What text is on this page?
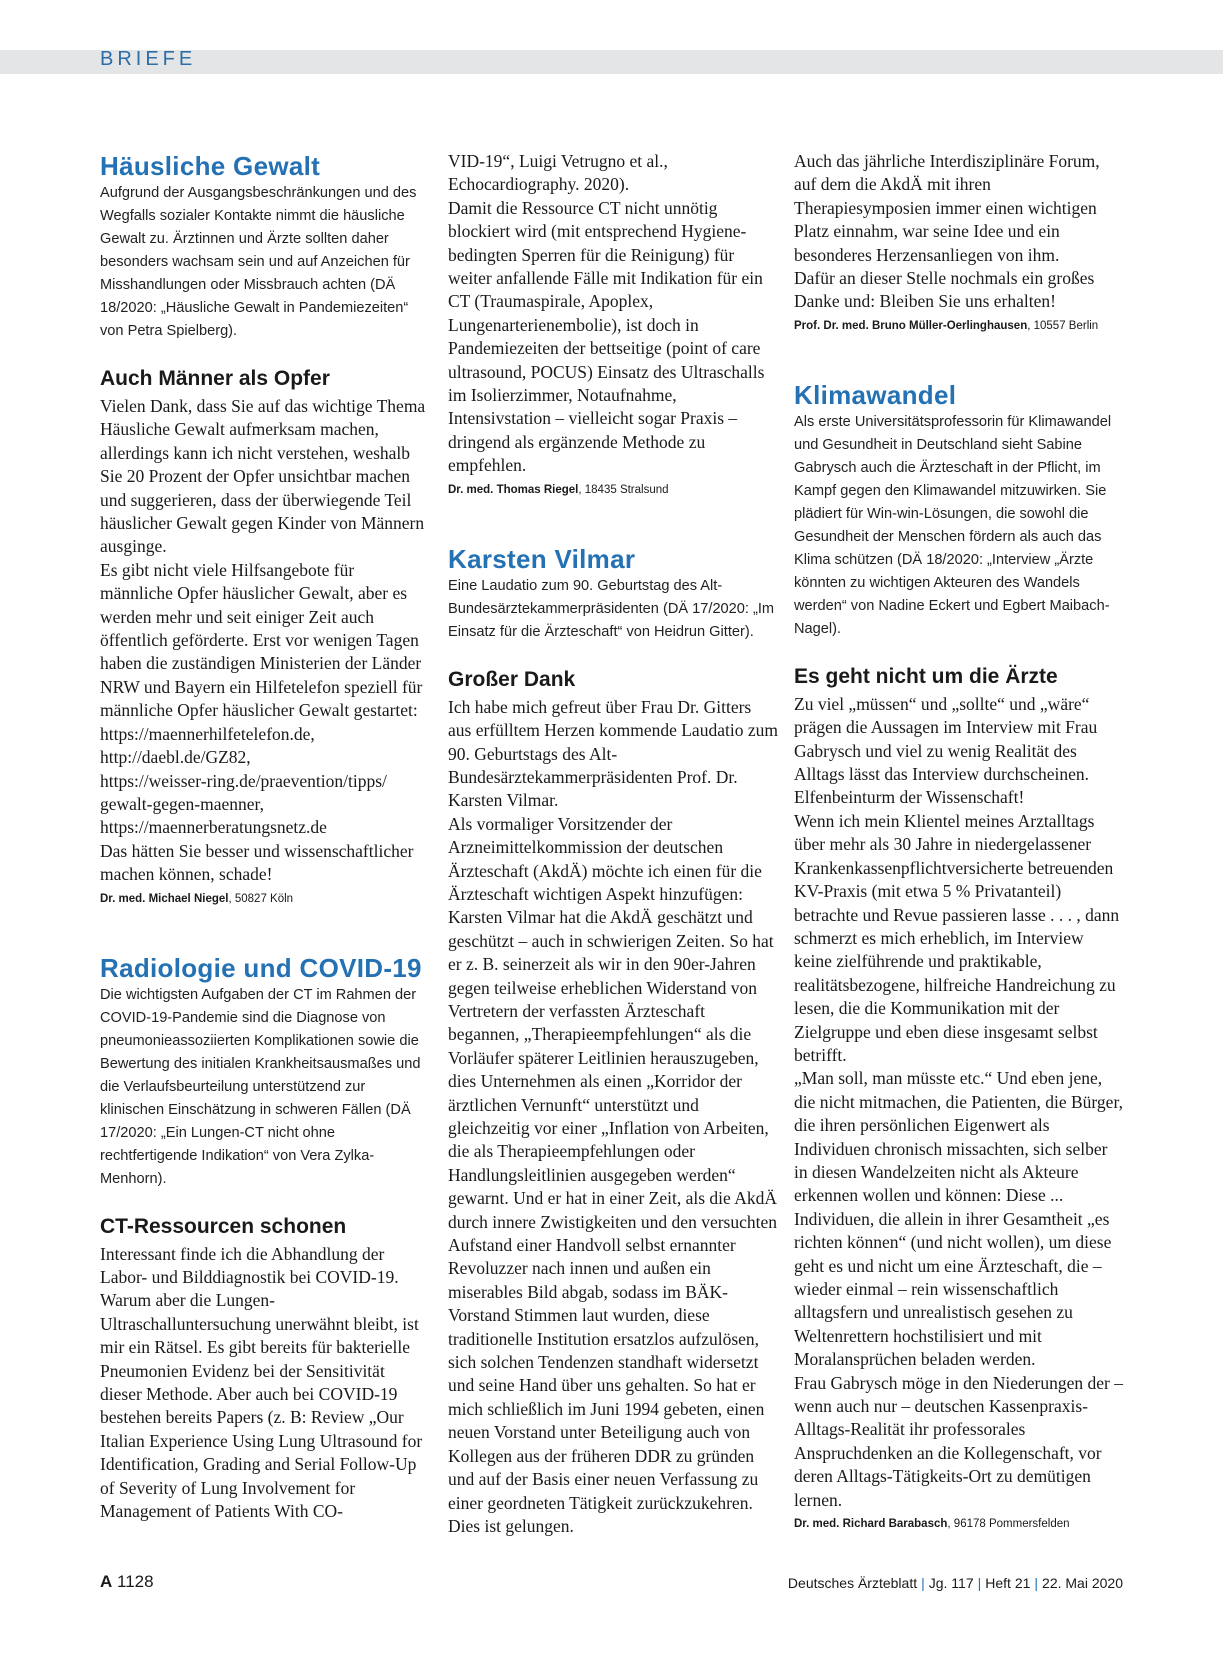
BRIEFE
Häusliche Gewalt

Aufgrund der Ausgangsbeschränkungen und des Wegfalls sozialer Kontakte nimmt die häusliche Gewalt zu. Ärztinnen und Ärzte sollten daher besonders wachsam sein und auf Anzeichen für Misshandlungen oder Missbrauch achten (DÄ 18/2020: „Häusliche Gewalt in Pandemiezeiten“ von Petra Spielberg).

Auch Männer als Opfer

Vielen Dank, dass Sie auf das wichtige Thema Häusliche Gewalt aufmerksam machen, allerdings kann ich nicht verstehen, weshalb Sie 20 Prozent der Opfer unsichtbar machen und suggerieren, dass der überwiegende Teil häuslicher Gewalt gegen Kinder von Männern ausginge.
Es gibt nicht viele Hilfsangebote für männliche Opfer häuslicher Gewalt, aber es werden mehr und seit einiger Zeit auch öffentlich geförderte. Erst vor wenigen Tagen haben die zuständigen Ministerien der Länder NRW und Bayern ein Hilfetelefon speziell für männliche Opfer häuslicher Gewalt gestartet:
https://maennerhilfetelefon.de,
http://daebl.de/GZ82,
https://weisser-ring.de/praevention/tipps/ gewalt-gegen-maenner,
https://maennerberatungsnetz.de
Das hätten Sie besser und wissenschaftlicher machen können, schade!

Dr. med. Michael Niegel, 50827 Köln

Radiologie und COVID-19

Die wichtigsten Aufgaben der CT im Rahmen der COVID-19-Pandemie sind die Diagnose von pneumonieassoziierten Komplikationen sowie die Bewertung des initialen Krankheitsausmaßes und die Verlaufsbeurteilung unterstützend zur klinischen Einschätzung in schweren Fällen (DÄ 17/2020: „Ein Lungen-CT nicht ohne rechtfertigende Indikation“ von Vera Zylka-Menhorn).

CT-Ressourcen schonen

Interessant finde ich die Abhandlung der Labor- und Bilddiagnostik bei COVID-19. Warum aber die Lungen-Ultraschalluntersuchung unerwähnt bleibt, ist mir ein Rätsel. Es gibt bereits für bakterielle Pneumonien Evidenz bei der Sensitivität dieser Methode. Aber auch bei COVID-19 bestehen bereits Papers (z. B: Review „Our Italian Experience Using Lung Ultrasound for Identification, Grading and Serial Follow-Up of Severity of Lung Involvement for Management of Patients With CO-

VID-19“, Luigi Vetrugno et al., Echocardiography. 2020).
Damit die Ressource CT nicht unnötig blockiert wird (mit entsprechend Hygiene-bedingten Sperren für die Reinigung) für weiter anfallende Fälle mit Indikation für ein CT (Traumaspirale, Apoplex, Lungenarterienembolie), ist doch in Pandemiezeiten der bettseitige (point of care ultrasound, POCUS) Einsatz des Ultraschalls im Isolierzimmer, Notaufnahme, Intensivstation – vielleicht sogar Praxis – dringend als ergänzende Methode zu empfehlen.

Dr. med. Thomas Riegel, 18435 Stralsund

Karsten Vilmar

Eine Laudatio zum 90. Geburtstag des Alt-Bundesärztekammerpräsidenten (DÄ 17/2020: „Im Einsatz für die Ärzteschaft“ von Heidrun Gitter).

Großer Dank

Ich habe mich gefreut über Frau Dr. Gitters aus erfülltem Herzen kommende Laudatio zum 90. Geburtstags des Alt-Bundesärztekammerpräsidenten Prof. Dr. Karsten Vilmar.
Als vormaliger Vorsitzender der Arzneimittelkommission der deutschen Ärzteschaft (AkdÄ) möchte ich einen für die Ärzteschaft wichtigen Aspekt hinzufügen: Karsten Vilmar hat die AkdÄ geschätzt und geschützt – auch in schwierigen Zeiten. So hat er z. B. seinerzeit als wir in den 90er-Jahren gegen teilweise erheblichen Widerstand von Vertretern der verfassten Ärzteschaft begannen, „Therapieempfehlungen“ als die Vorläufer späterer Leitlinien herauszugeben, dies Unternehmen als einen „Korridor der ärztlichen Vernunft“ unterstützt und gleichzeitig vor einer „Inflation von Arbeiten, die als Therapieempfehlungen oder Handlungsleitlinien ausgegeben werden“ gewarnt. Und er hat in einer Zeit, als die AkdÄ durch innere Zwistigkeiten und den versuchten Aufstand einer Handvoll selbst ernannter Revoluzzer nach innen und außen ein miserables Bild abgab, sodass im BÄK-Vorstand Stimmen laut wurden, diese traditionelle Institution ersatzlos aufzulösen, sich solchen Tendenzen standhaft widersetzt und seine Hand über uns gehalten. So hat er mich schließlich im Juni 1994 gebeten, einen neuen Vorstand unter Beteiligung auch von Kollegen aus der früheren DDR zu gründen und auf der Basis einer neuen Verfassung zu einer geordneten Tätigkeit zurückzukehren. Dies ist gelungen.

Auch das jährliche Interdisziplinäre Forum, auf dem die AkdÄ mit ihren Therapiesymposien immer einen wichtigen Platz einnahm, war seine Idee und ein besonderes Herzensanliegen von ihm.
Dafür an dieser Stelle nochmals ein großes Danke und: Bleiben Sie uns erhalten!

Prof. Dr. med. Bruno Müller-Oerlinghausen, 10557 Berlin

Klimawandel

Als erste Universitätsprofessorin für Klimawandel und Gesundheit in Deutschland sieht Sabine Gabrysch auch die Ärzteschaft in der Pflicht, im Kampf gegen den Klimawandel mitzuwirken. Sie plädiert für Win-win-Lösungen, die sowohl die Gesundheit der Menschen fördern als auch das Klima schützen (DÄ 18/2020: „Interview „Ärzte könnten zu wichtigen Akteuren des Wandels werden“ von Nadine Eckert und Egbert Maibach-Nagel).

Es geht nicht um die Ärzte

Zu viel „müssen“ und „sollte“ und „wäre“ prägen die Aussagen im Interview mit Frau Gabrysch und viel zu wenig Realität des Alltags lässt das Interview durchscheinen. Elfenbeinturm der Wissenschaft!
Wenn ich mein Klientel meines Arztalltags über mehr als 30 Jahre in niedergelassener Krankenkassenpflichtversicherte betreuenden KV-Praxis (mit etwa 5 % Privatanteil) betrachte und Revue passieren lasse . . . , dann schmerzt es mich erheblich, im Interview keine zielführende und praktikable, realitätsbezogene, hilfreiche Handreichung zu lesen, die die Kommunikation mit der Zielgruppe und eben diese insgesamt selbst betrifft.
„Man soll, man müsste etc.“ Und eben jene, die nicht mitmachen, die Patienten, die Bürger, die ihren persönlichen Eigenwert als Individuen chronisch missachten, sich selber in diesen Wandelzeiten nicht als Akteure erkennen wollen und können: Diese ... Individuen, die allein in ihrer Gesamtheit „es richten können“ (und nicht wollen), um diese geht es und nicht um eine Ärzteschaft, die – wieder einmal – rein wissenschaftlich alltagsfern und unrealistisch gesehen zu Weltenrettern hochstilisiert und mit Moralansprüchen beladen werden.
Frau Gabrysch möge in den Niederungen der – wenn auch nur – deutschen Kassenpraxis-Alltags-Realität ihr professorales Anspruchdenken an die Kollegenschaft, vor deren Alltags-Tätigkeits-Ort zu demütigen lernen.

Dr. med. Richard Barabasch, 96178 Pommersfelden

A 1128	Deutsches Ärzteblatt | Jg. 117 | Heft 21 | 22. Mai 2020
